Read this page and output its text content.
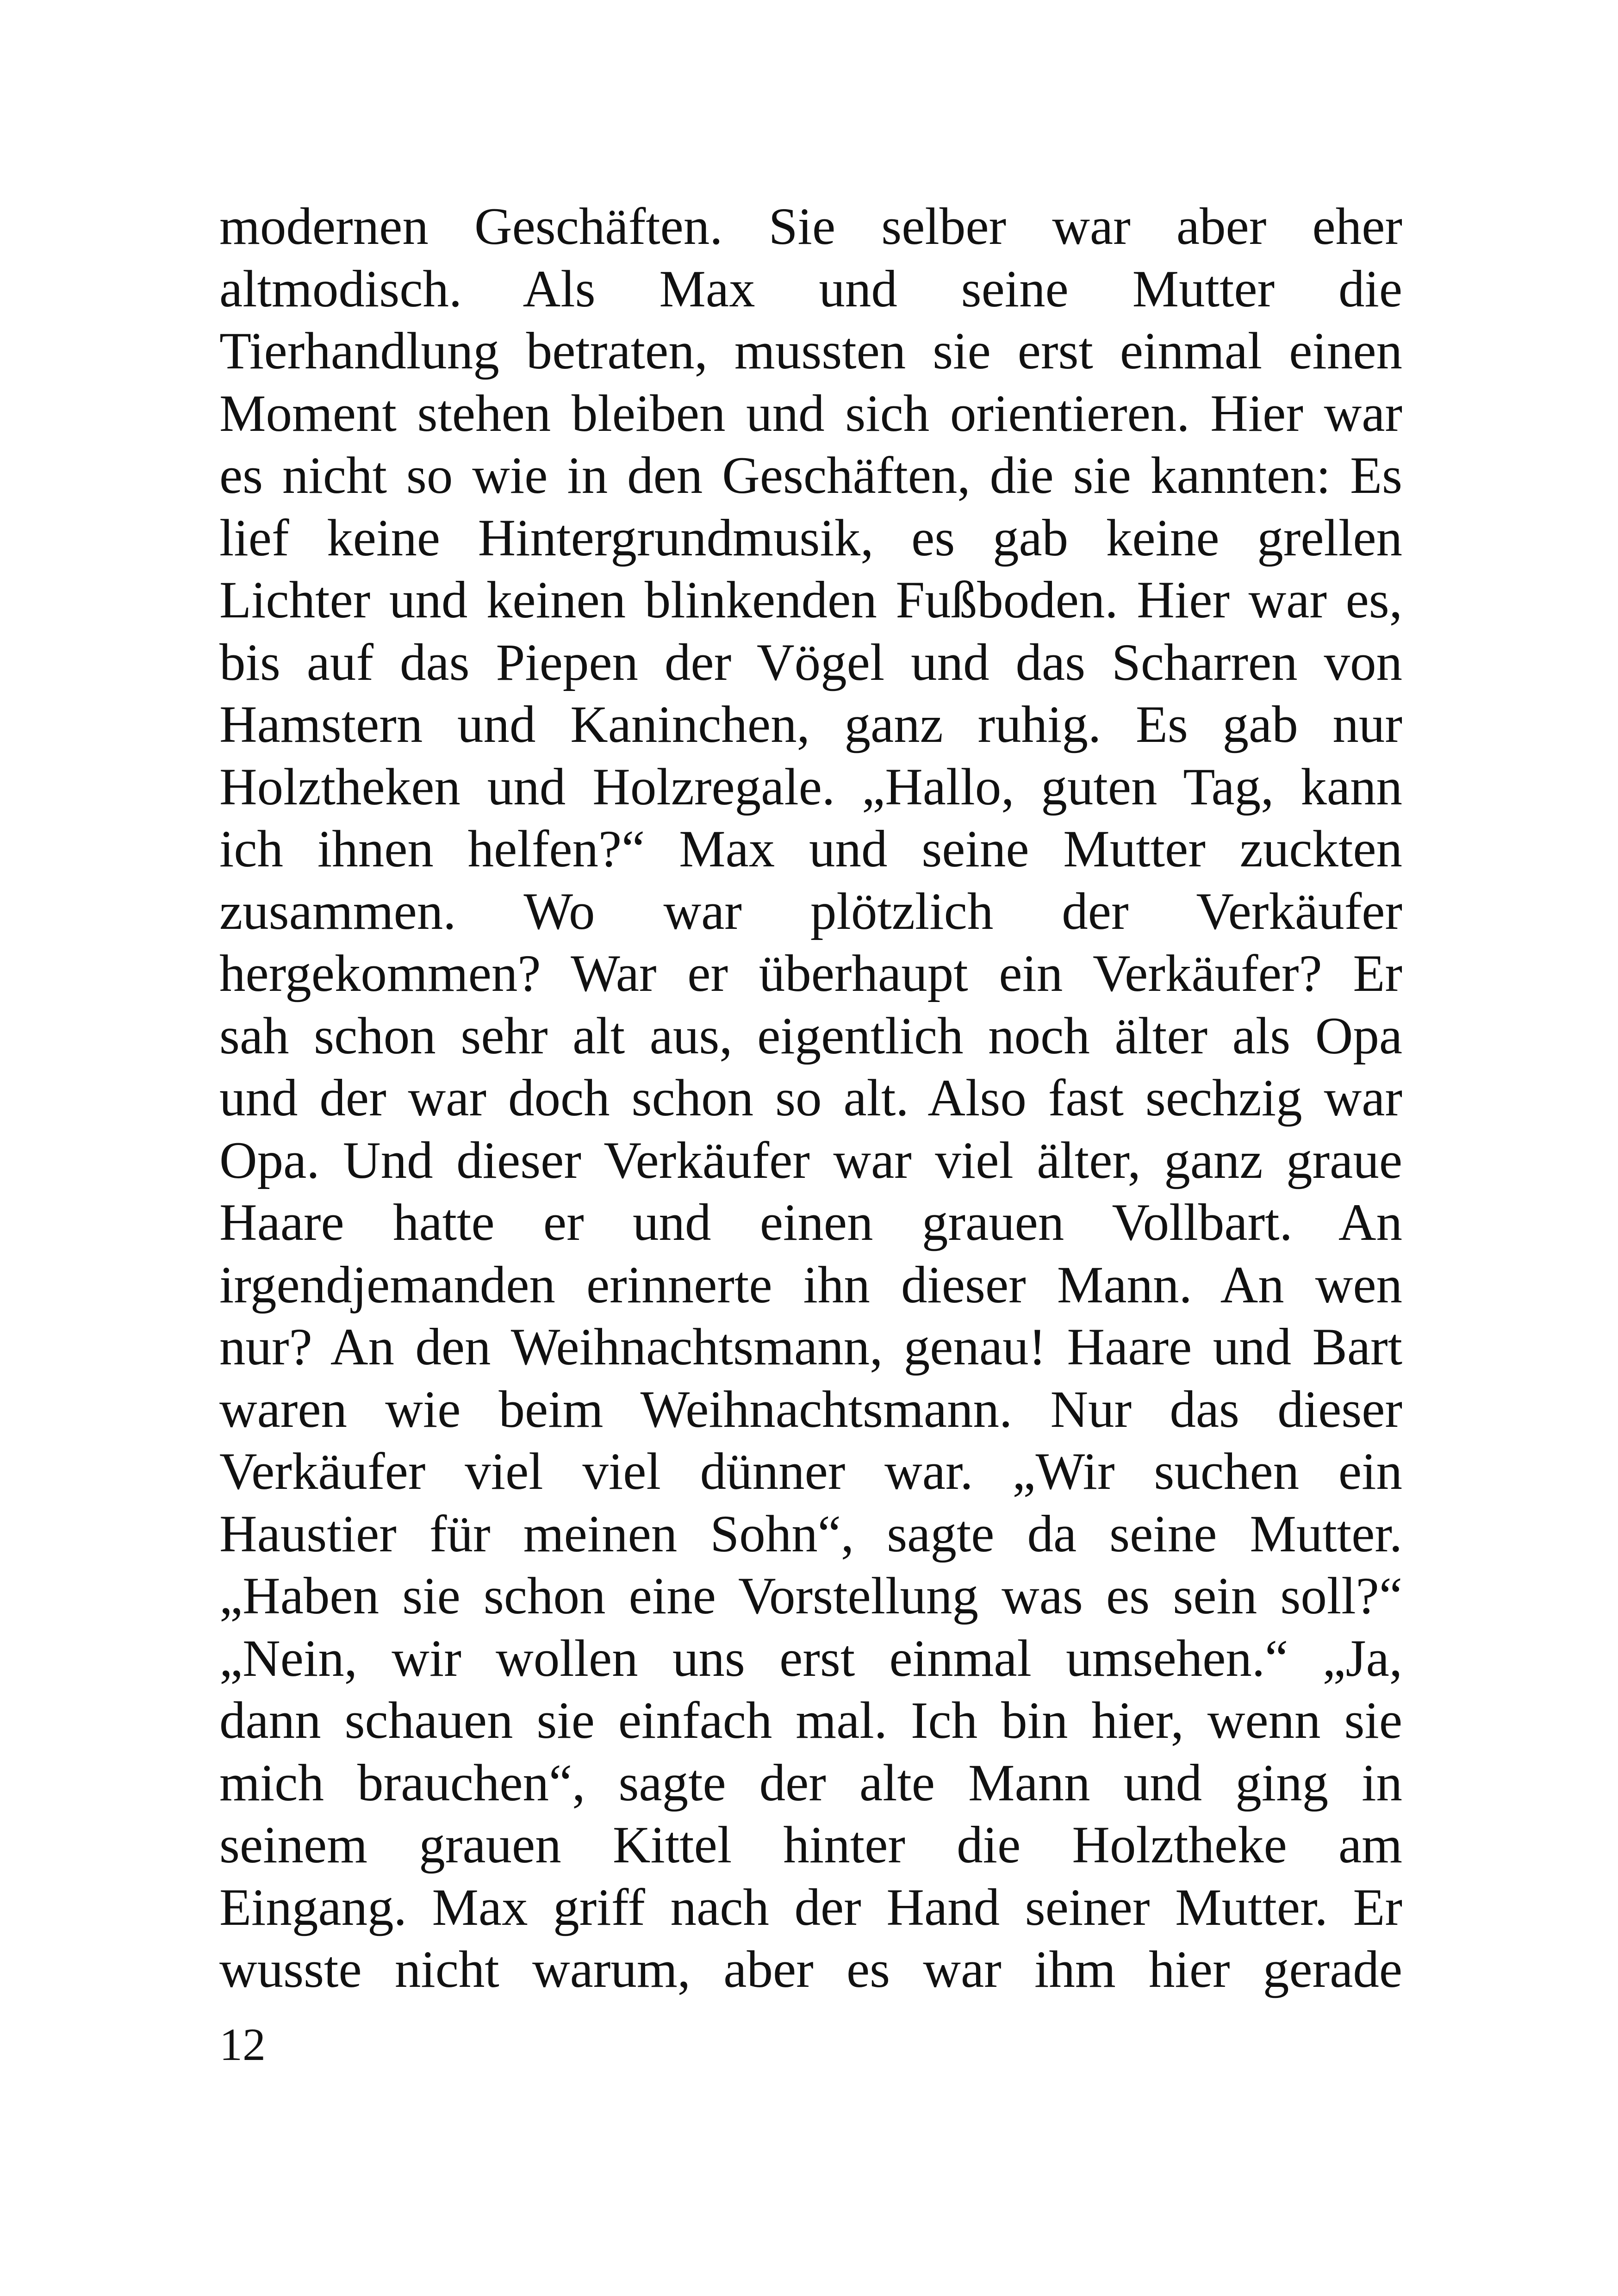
modernen Geschäften. Sie selber war aber eher
altmodisch. Als Max und seine Mutter die
Tierhandlung betraten, mussten sie erst einmal einen
Moment stehen bleiben und sich orientieren. Hier war
es nicht so wie in den Geschäften, die sie kannten: Es
lief keine Hintergrundmusik, es gab keine grellen
Lichter und keinen blinkenden Fußboden. Hier war es,
bis auf das Piepen der Vögel und das Scharren von
Hamstern und Kaninchen, ganz ruhig. Es gab nur
Holztheken und Holzregale. „Hallo, guten Tag, kann
ich ihnen helfen?“ Max und seine Mutter zuckten
zusammen. Wo war plötzlich der Verkäufer
hergekommen? War er überhaupt ein Verkäufer? Er
sah schon sehr alt aus, eigentlich noch älter als Opa
und der war doch schon so alt. Also fast sechzig war
Opa. Und dieser Verkäufer war viel älter, ganz graue
Haare hatte er und einen grauen Vollbart. An
irgendjemanden erinnerte ihn dieser Mann. An wen
nur? An den Weihnachtsmann, genau! Haare und Bart
waren wie beim Weihnachtsmann. Nur das dieser
Verkäufer viel viel dünner war. „Wir suchen ein
Haustier für meinen Sohn“, sagte da seine Mutter.
„Haben sie schon eine Vorstellung was es sein soll?“
„Nein, wir wollen uns erst einmal umsehen.“ „Ja,
dann schauen sie einfach mal. Ich bin hier, wenn sie
mich brauchen“, sagte der alte Mann und ging in
seinem grauen Kittel hinter die Holztheke am
Eingang. Max griff nach der Hand seiner Mutter. Er
wusste nicht warum, aber es war ihm hier gerade

12
